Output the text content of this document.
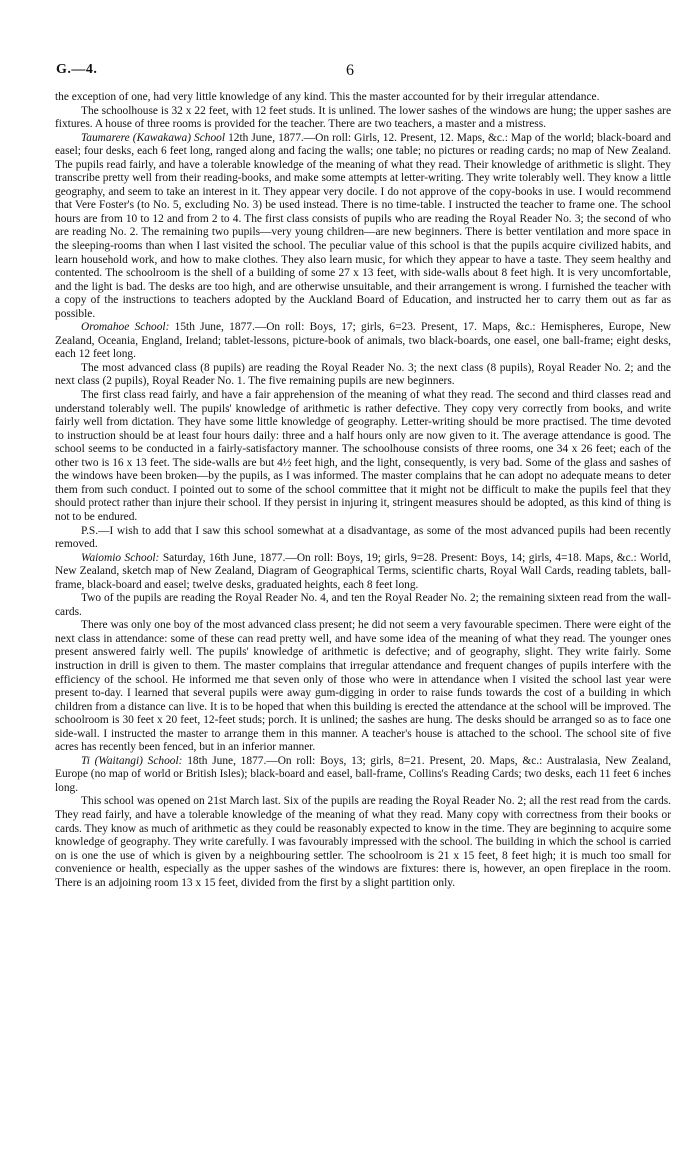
G.—4.	6

the exception of one, had very little knowledge of any kind. This the master accounted for by their irregular attendance.

The schoolhouse is 32 x 22 feet, with 12 feet studs. It is unlined. The lower sashes of the windows are hung; the upper sashes are fixtures. A house of three rooms is provided for the teacher. There are two teachers, a master and a mistress.

Taumarere (Kawakawa) School 12th June, 1877.—On roll: Girls, 12. Present, 12. Maps, &c.: Map of the world; black-board and easel; four desks, each 6 feet long, ranged along and facing the walls; one table; no pictures or reading cards; no map of New Zealand. The pupils read fairly, and have a tolerable knowledge of the meaning of what they read. Their knowledge of arithmetic is slight. They transcribe pretty well from their reading-books, and make some attempts at letter-writing. They write tolerably well. They know a little geography, and seem to take an interest in it. They appear very docile. I do not approve of the copy-books in use. I would recommend that Vere Foster's (to No. 5, excluding No. 3) be used instead. There is no time-table. I instructed the teacher to frame one. The school hours are from 10 to 12 and from 2 to 4. The first class consists of pupils who are reading the Royal Reader No. 3; the second of who are reading No. 2. The remaining two pupils—very young children—are new beginners. There is better ventilation and more space in the sleeping-rooms than when I last visited the school. The peculiar value of this school is that the pupils acquire civilized habits, and learn household work, and how to make clothes. They also learn music, for which they appear to have a taste. They seem healthy and contented. The schoolroom is the shell of a building of some 27 x 13 feet, with side-walls about 8 feet high. It is very uncomfortable, and the light is bad. The desks are too high, and are otherwise unsuitable, and their arrangement is wrong. I furnished the teacher with a copy of the instructions to teachers adopted by the Auckland Board of Education, and instructed her to carry them out as far as possible.

Oromahoe School: 15th June, 1877.—On roll: Boys, 17; girls, 6=23. Present, 17. Maps, &c.: Hemispheres, Europe, New Zealand, Oceania, England, Ireland; tablet-lessons, picture-book of animals, two black-boards, one easel, one ball-frame; eight desks, each 12 feet long.

The most advanced class (8 pupils) are reading the Royal Reader No. 3; the next class (8 pupils), Royal Reader No. 2; and the next class (2 pupils), Royal Reader No. 1. The five remaining pupils are new beginners.

The first class read fairly, and have a fair apprehension of the meaning of what they read. The second and third classes read and understand tolerably well. The pupils' knowledge of arithmetic is rather defective. They copy very correctly from books, and write fairly well from dictation. They have some little knowledge of geography. Letter-writing should be more practised. The time devoted to instruction should be at least four hours daily: three and a half hours only are now given to it. The average attendance is good. The school seems to be conducted in a fairly-satisfactory manner. The schoolhouse consists of three rooms, one 34 x 26 feet; each of the other two is 16 x 13 feet. The side-walls are but 4½ feet high, and the light, consequently, is very bad. Some of the glass and sashes of the windows have been broken—by the pupils, as I was informed. The master complains that he can adopt no adequate means to deter them from such conduct. I pointed out to some of the school committee that it might not be difficult to make the pupils feel that they should protect rather than injure their school. If they persist in injuring it, stringent measures should be adopted, as this kind of thing is not to be endured.

P.S.—I wish to add that I saw this school somewhat at a disadvantage, as some of the most advanced pupils had been recently removed.

Waiomio School: Saturday, 16th June, 1877.—On roll: Boys, 19; girls, 9=28. Present: Boys, 14; girls, 4=18. Maps, &c.: World, New Zealand, sketch map of New Zealand, Diagram of Geographical Terms, scientific charts, Royal Wall Cards, reading tablets, ball-frame, black-board and easel; twelve desks, graduated heights, each 8 feet long.

Two of the pupils are reading the Royal Reader No. 4, and ten the Royal Reader No. 2; the remaining sixteen read from the wall-cards.

There was only one boy of the most advanced class present; he did not seem a very favourable specimen. There were eight of the next class in attendance: some of these can read pretty well, and have some idea of the meaning of what they read. The younger ones present answered fairly well. The pupils' knowledge of arithmetic is defective; and of geography, slight. They write fairly. Some instruction in drill is given to them. The master complains that irregular attendance and frequent changes of pupils interfere with the efficiency of the school. He informed me that seven only of those who were in attendance when I visited the school last year were present to-day. I learned that several pupils were away gum-digging in order to raise funds towards the cost of a building in which children from a distance can live. It is to be hoped that when this building is erected the attendance at the school will be improved. The schoolroom is 30 feet x 20 feet, 12-feet studs; porch. It is unlined; the sashes are hung. The desks should be arranged so as to face one side-wall. I instructed the master to arrange them in this manner. A teacher's house is attached to the school. The school site of five acres has recently been fenced, but in an inferior manner.

Ti (Waitangi) School: 18th June, 1877.—On roll: Boys, 13; girls, 8=21. Present, 20. Maps, &c.: Australasia, New Zealand, Europe (no map of world or British Isles); black-board and easel, ball-frame, Collins's Reading Cards; two desks, each 11 feet 6 inches long.

This school was opened on 21st March last. Six of the pupils are reading the Royal Reader No. 2; all the rest read from the cards. They read fairly, and have a tolerable knowledge of the meaning of what they read. Many copy with correctness from their books or cards. They know as much of arithmetic as they could be reasonably expected to know in the time. They are beginning to acquire some knowledge of geography. They write carefully. I was favourably impressed with the school. The building in which the school is carried on is one the use of which is given by a neighbouring settler. The schoolroom is 21 x 15 feet, 8 feet high; it is much too small for convenience or health, especially as the upper sashes of the windows are fixtures: there is, however, an open fireplace in the room. There is an adjoining room 13 x 15 feet, divided from the first by a slight partition only.
